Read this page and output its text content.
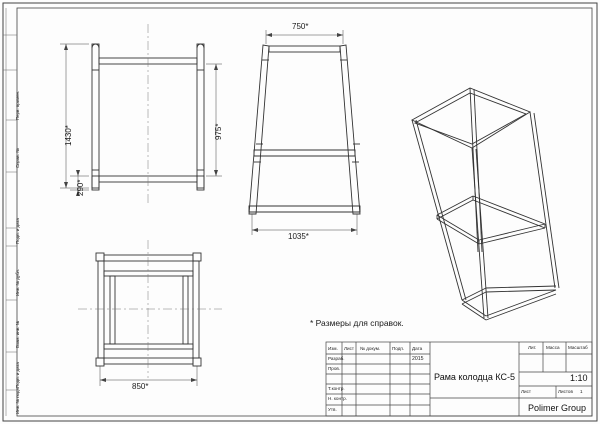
1430*
290*
975*
750*
1035*
850*
* Размеры для справок.
Справ. №
Перв. примен.
Подп. и дата
Инв. № дубл.
Взам. инв. №
Подп. и дата
Инв. № подл.
Изм. Лист № докум.	Подп. Дата
Разраб.
Пров.
Т.контр.
Н. контр.
Утв.
2015
Рама колодца КС-5
Лит. Масса Масштаб
1:10
Лист	Листов 1
Polimer Group
